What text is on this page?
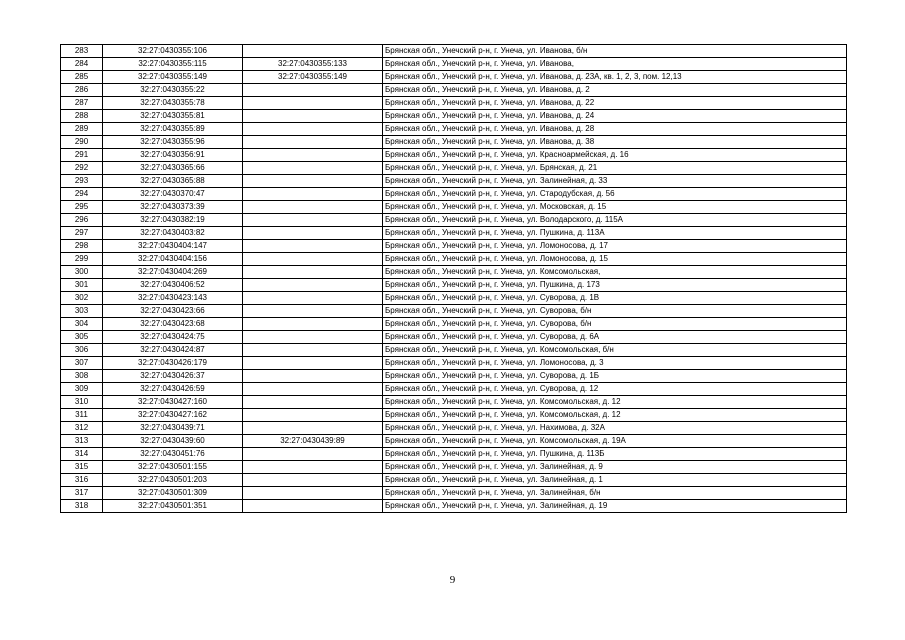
283	32:27:0430355:106		Брянская обл., Унечский р-н, г. Унеча, ул. Иванова, б/н
284	32:27:0430355:115	32:27:0430355:133	Брянская обл., Унечский р-н, г. Унеча, ул. Иванова,
285	32:27:0430355:149	32:27:0430355:149	Брянская обл., Унечский р-н, г. Унеча, ул. Иванова, д. 23А, кв. 1, 2, 3, пом. 12,13
286	32:27:0430355:22		Брянская обл., Унечский р-н, г. Унеча, ул. Иванова, д. 2
287	32:27:0430355:78		Брянская обл., Унечский р-н, г. Унеча, ул. Иванова, д. 22
288	32:27:0430355:81		Брянская обл., Унечский р-н, г. Унеча, ул. Иванова, д. 24
289	32:27:0430355:89		Брянская обл., Унечский р-н, г. Унеча, ул. Иванова, д. 28
290	32:27:0430355:96		Брянская обл., Унечский р-н, г. Унеча, ул. Иванова, д. 38
291	32:27:0430356:91		Брянская обл., Унечский р-н, г. Унеча, ул. Красноармейская, д. 16
292	32:27:0430365:66		Брянская обл., Унечский р-н, г. Унеча, ул. Брянская, д. 21
293	32:27:0430365:88		Брянская обл., Унечский р-н, г. Унеча, ул. Залинейная, д. 33
294	32:27:0430370:47		Брянская обл., Унечский р-н, г. Унеча, ул. Стародубская, д. 56
295	32:27:0430373:39		Брянская обл., Унечский р-н, г. Унеча, ул. Московская, д. 15
296	32:27:0430382:19		Брянская обл., Унечский р-н, г. Унеча, ул. Володарского, д. 115А
297	32:27:0430403:82		Брянская обл., Унечский р-н, г. Унеча, ул. Пушкина, д. 113А
298	32:27:0430404:147		Брянская обл., Унечский р-н, г. Унеча, ул. Ломоносова, д. 17
299	32:27:0430404:156		Брянская обл., Унечский р-н, г. Унеча, ул. Ломоносова, д. 15
300	32:27:0430404:269		Брянская обл., Унечский р-н, г. Унеча, ул. Комсомольская,
301	32:27:0430406:52		Брянская обл., Унечский р-н, г. Унеча, ул. Пушкина, д. 173
302	32:27:0430423:143		Брянская обл., Унечский р-н, г. Унеча, ул. Суворова, д. 1В
303	32:27:0430423:66		Брянская обл., Унечский р-н, г. Унеча, ул. Суворова, б/н
304	32:27:0430423:68		Брянская обл., Унечский р-н, г. Унеча, ул. Суворова, б/н
305	32:27:0430424:75		Брянская обл., Унечский р-н, г. Унеча, ул. Суворова, д. 6А
306	32:27:0430424:87		Брянская обл., Унечский р-н, г. Унеча, ул. Комсомольская, б/н
307	32:27:0430426:179		Брянская обл., Унечский р-н, г. Унеча, ул. Ломоносова, д. 3
308	32:27:0430426:37		Брянская обл., Унечский р-н, г. Унеча, ул. Суворова, д. 1Б
309	32:27:0430426:59		Брянская обл., Унечский р-н, г. Унеча, ул. Суворова, д. 12
310	32:27:0430427:160		Брянская обл., Унечский р-н, г. Унеча, ул. Комсомольская, д. 12
311	32:27:0430427:162		Брянская обл., Унечский р-н, г. Унеча, ул. Комсомольская, д. 12
312	32:27:0430439:71		Брянская обл., Унечский р-н, г. Унеча, ул. Нахимова, д. 32А
313	32:27:0430439:60	32:27:0430439:89	Брянская обл., Унечский р-н, г. Унеча, ул. Комсомольская, д. 19А
314	32:27:0430451:76		Брянская обл., Унечский р-н, г. Унеча, ул. Пушкина, д. 113Б
315	32:27:0430501:155		Брянская обл., Унечский р-н, г. Унеча, ул. Залинейная, д. 9
316	32:27:0430501:203		Брянская обл., Унечский р-н, г. Унеча, ул. Залинейная, д. 1
317	32:27:0430501:309		Брянская обл., Унечский р-н, г. Унеча, ул. Залинейная, б/н
318	32:27:0430501:351		Брянская обл., Унечский р-н, г. Унеча, ул. Залинейная, д. 19
9
